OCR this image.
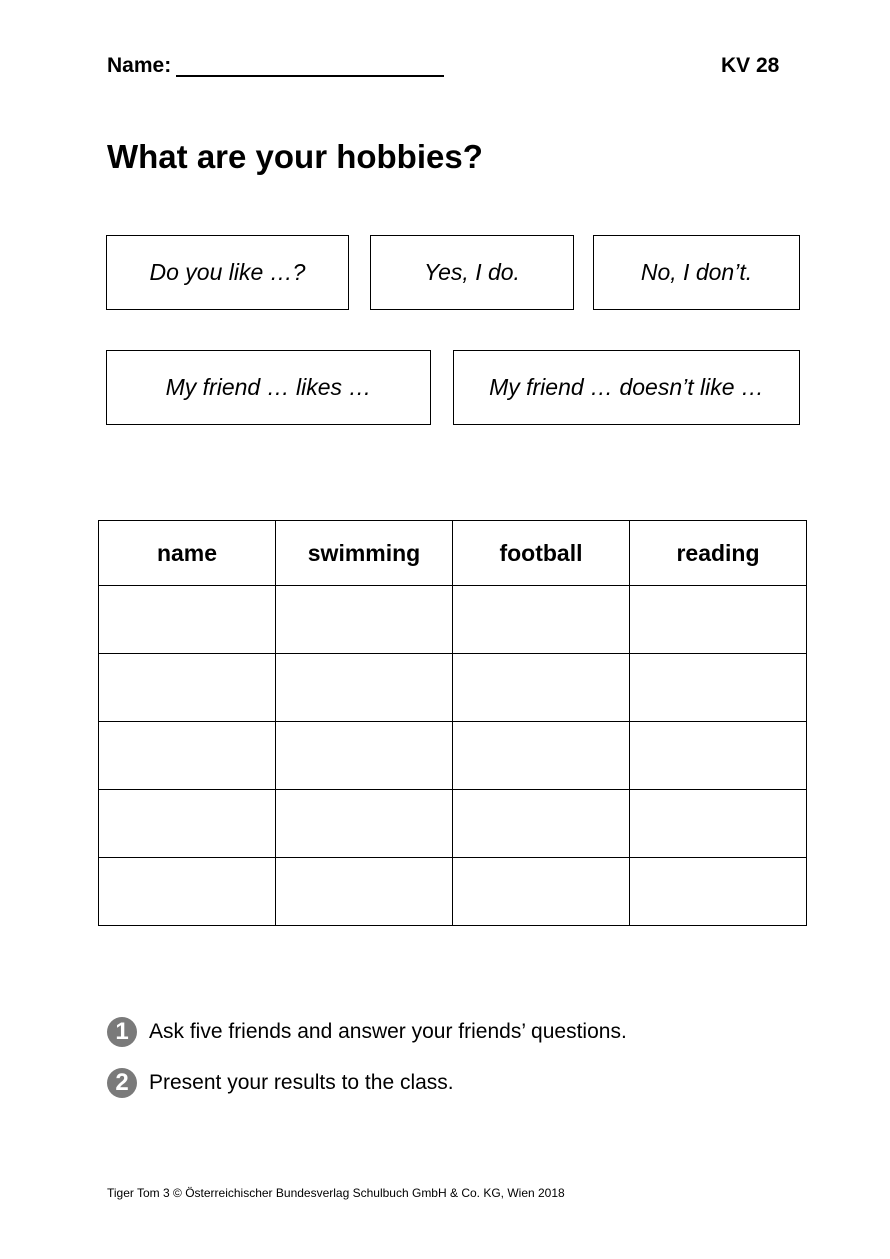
Name:	KV 28
What are your hobbies?
Do you like …?	Yes, I do.	No, I don’t.
My friend … likes …	My friend … doesn’t like …
name	swimming	football	reading

1 Ask five friends and answer your friends’ questions.
2 Present your results to the class.
Tiger Tom 3 © Österreichischer Bundesverlag Schulbuch GmbH & Co. KG, Wien 2018
